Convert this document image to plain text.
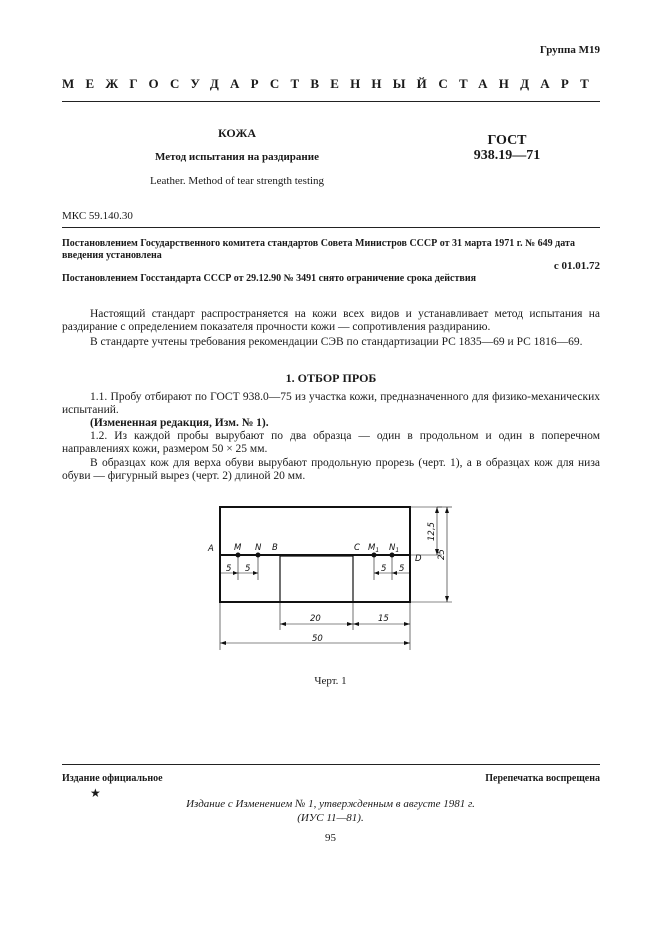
Группа М19
МЕЖГОСУДАРСТВЕННЫЙ СТАНДАРТ
КОЖА
Метод испытания на раздирание
Leather. Method of tear strength testing
ГОСТ
938.19—71
МКС 59.140.30
Постановлением Государственного комитета стандартов Совета Министров СССР от 31 марта 1971 г. № 649 дата введения установлена
с 01.01.72
Постановлением Госстандарта СССР от 29.12.90 № 3491 снято ограничение срока действия
Настоящий стандарт распространяется на кожи всех видов и устанавливает метод испытания на раздирание с определением показателя прочности кожи — сопротивления раздиранию.
В стандарте учтены требования рекомендации СЭВ по стандартизации РС 1835—69 и РС 1816—69.
1. ОТБОР ПРОБ
1.1. Пробу отбирают по ГОСТ 938.0—75 из участка кожи, предназначенного для физико-механических испытаний.
(Измененная редакция, Изм. № 1).
1.2. Из каждой пробы вырубают по два образца — один в продольном и один в поперечном направлениях кожи, размером 50 × 25 мм.
В образцах кож для верха обуви вырубают продольную прорезь (черт. 1), а в образцах кож для низа обуви — фигурный вырез (черт. 2) длиной 20 мм.
A M N B	C $M_1$ $N_1$
D
5 5	5 5
20	15
50
12,5
25
Черт. 1
Издание официальное	Перепечатка воспрещена
★
Издание с Изменением № 1, утвержденным в августе 1981 г.
(ИУС 11—81).
95
